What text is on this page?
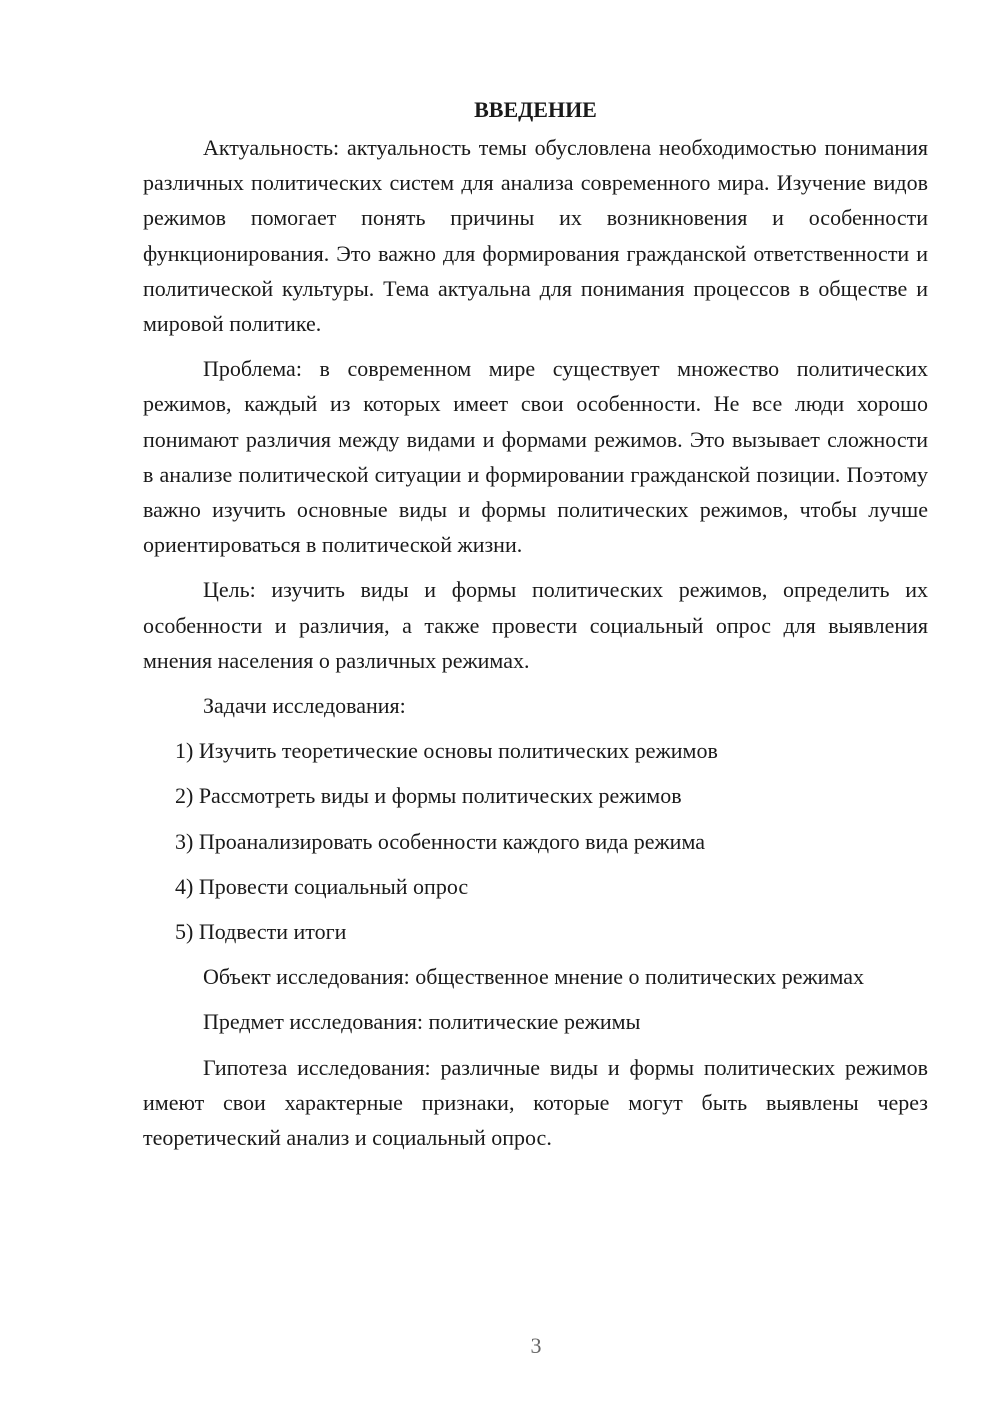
ВВЕДЕНИЕ

Актуальность: актуальность темы обусловлена необходимостью понимания различных политических систем для анализа современного мира. Изучение видов режимов помогает понять причины их возникновения и особенности функционирования. Это важно для формирования гражданской ответственности и политической культуры. Тема актуальна для понимания процессов в обществе и мировой политике.

Проблема: в современном мире существует множество политических режимов, каждый из которых имеет свои особенности. Не все люди хорошо понимают различия между видами и формами режимов. Это вызывает сложности в анализе политической ситуации и формировании гражданской позиции. Поэтому важно изучить основные виды и формы политических режимов, чтобы лучше ориентироваться в политической жизни.

Цель: изучить виды и формы политических режимов, определить их особенности и различия, а также провести социальный опрос для выявления мнения населения о различных режимах.

Задачи исследования:

1) Изучить теоретические основы политических режимов
2) Рассмотреть виды и формы политических режимов
3) Проанализировать особенности каждого вида режима
4) Провести социальный опрос
5) Подвести итоги

Объект исследования: общественное мнение о политических режимах

Предмет исследования: политические режимы

Гипотеза исследования: различные виды и формы политических режимов имеют свои характерные признаки, которые могут быть выявлены через теоретический анализ и социальный опрос.

3
